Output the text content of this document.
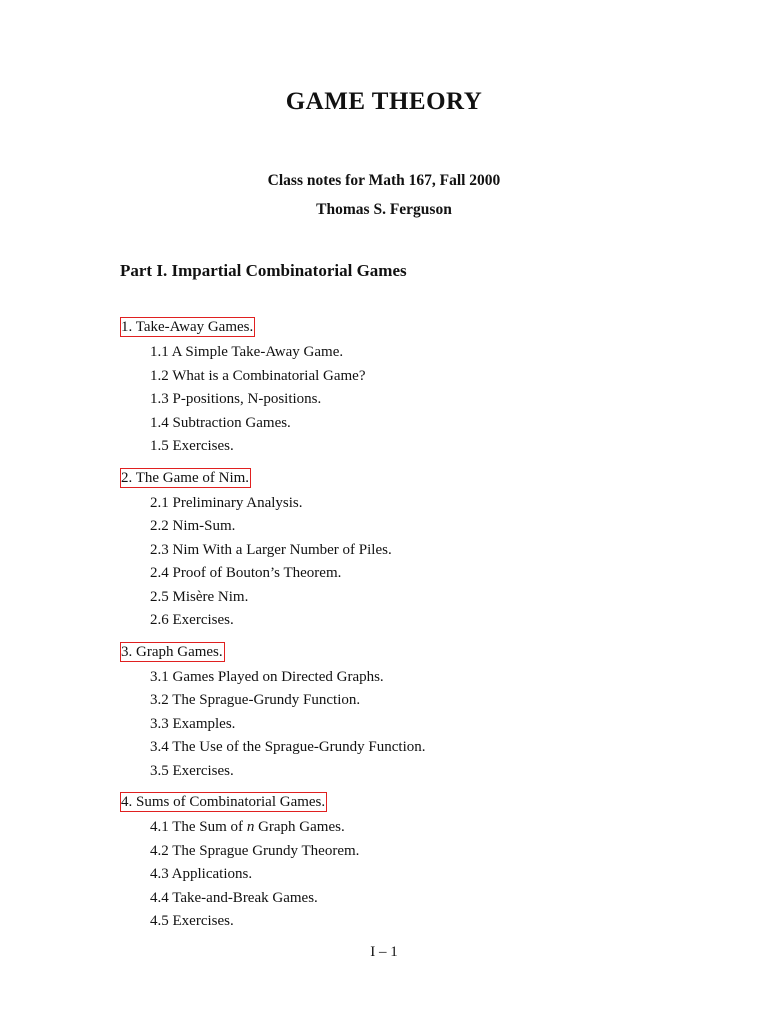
GAME THEORY
Class notes for Math 167, Fall 2000
Thomas S. Ferguson
Part I. Impartial Combinatorial Games
1. Take-Away Games.
1.1 A Simple Take-Away Game.
1.2 What is a Combinatorial Game?
1.3 P-positions, N-positions.
1.4 Subtraction Games.
1.5 Exercises.
2. The Game of Nim.
2.1 Preliminary Analysis.
2.2 Nim-Sum.
2.3 Nim With a Larger Number of Piles.
2.4 Proof of Bouton’s Theorem.
2.5 Misère Nim.
2.6 Exercises.
3. Graph Games.
3.1 Games Played on Directed Graphs.
3.2 The Sprague-Grundy Function.
3.3 Examples.
3.4 The Use of the Sprague-Grundy Function.
3.5 Exercises.
4. Sums of Combinatorial Games.
4.1 The Sum of n Graph Games.
4.2 The Sprague Grundy Theorem.
4.3 Applications.
4.4 Take-and-Break Games.
4.5 Exercises.
I – 1
